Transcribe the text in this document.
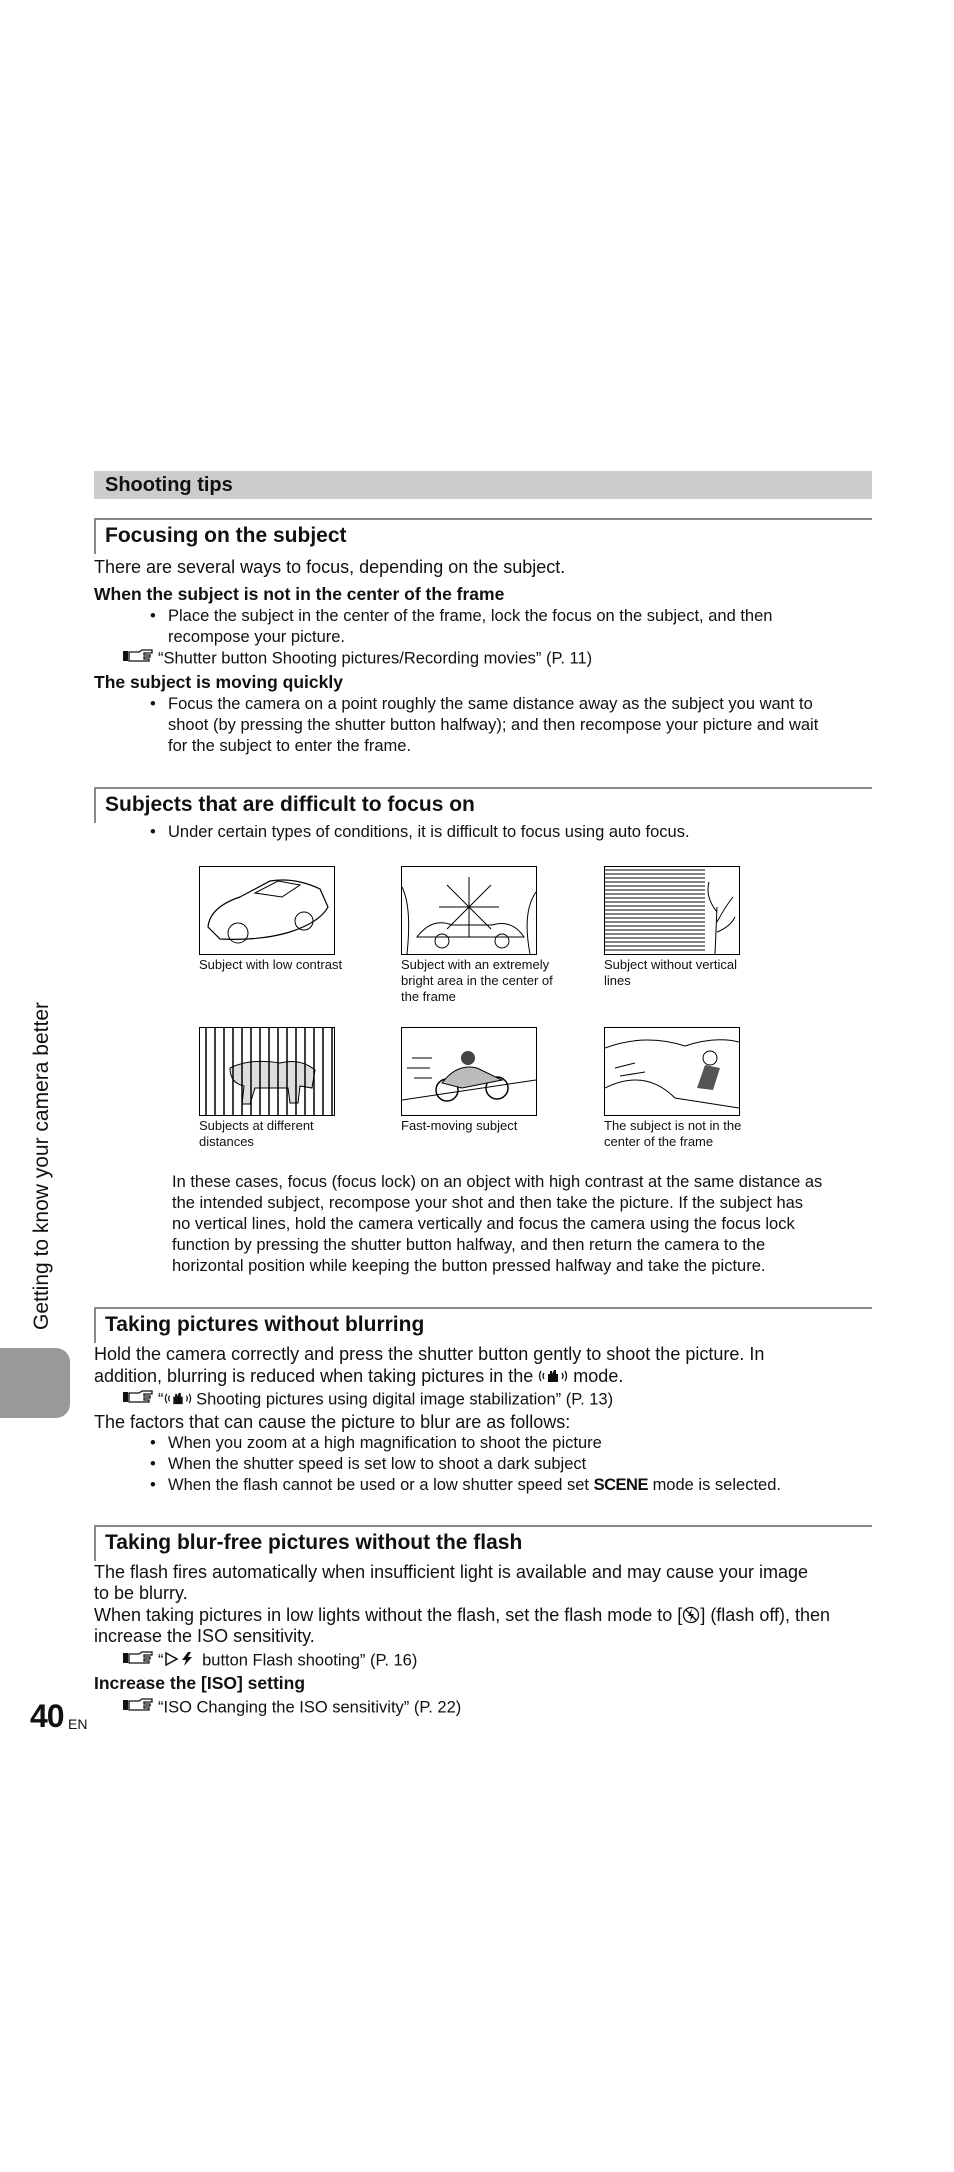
Shooting tips
Focusing on the subject
There are several ways to focus, depending on the subject.
When the subject is not in the center of the frame
• Place the subject in the center of the frame, lock the focus on the subject, and then
recompose your picture.
“Shutter button Shooting pictures/Recording movies” (P. 11)
The subject is moving quickly
• Focus the camera on a point roughly the same distance away as the subject you want to
shoot (by pressing the shutter button halfway); and then recompose your picture and wait
for the subject to enter the frame.
Subjects that are difficult to focus on
• Under certain types of conditions, it is difficult to focus using auto focus.
Subject with low contrast	Subject with an extremely
bright area in the center of
the frame
Subject without vertical
lines
Subjects at different
distances
Fast-moving subject	The subject is not in the
center of the frame
In these cases, focus (focus lock) on an object with high contrast at the same distance as
the intended subject, recompose your shot and then take the picture. If the subject has
no vertical lines, hold the camera vertically and focus the camera using the focus lock
function by pressing the shutter button halfway, and then return the camera to the
horizontal position while keeping the button pressed halfway and take the picture.
Taking pictures without blurring
Hold the camera correctly and press the shutter button gently to shoot the picture. In
addition, blurring is reduced when taking pictures in the mode.
“ Shooting pictures using digital image stabilization” (P. 13)
The factors that can cause the picture to blur are as follows:
• When you zoom at a high magnification to shoot the picture
• When the shutter speed is set low to shoot a dark subject
• When the flash cannot be used or a low shutter speed set SCENE mode is selected.
Taking blur-free pictures without the flash
The flash fires automatically when insufficient light is available and may cause your image
to be blurry.
When taking pictures in low lights without the flash, set the flash mode to [ ] (flash off), then
increase the ISO sensitivity.
“ button Flash shooting” (P. 16)
Increase the [ISO] setting
“ISO Changing the ISO sensitivity” (P. 22)
Getting to know your camera better
40 EN
